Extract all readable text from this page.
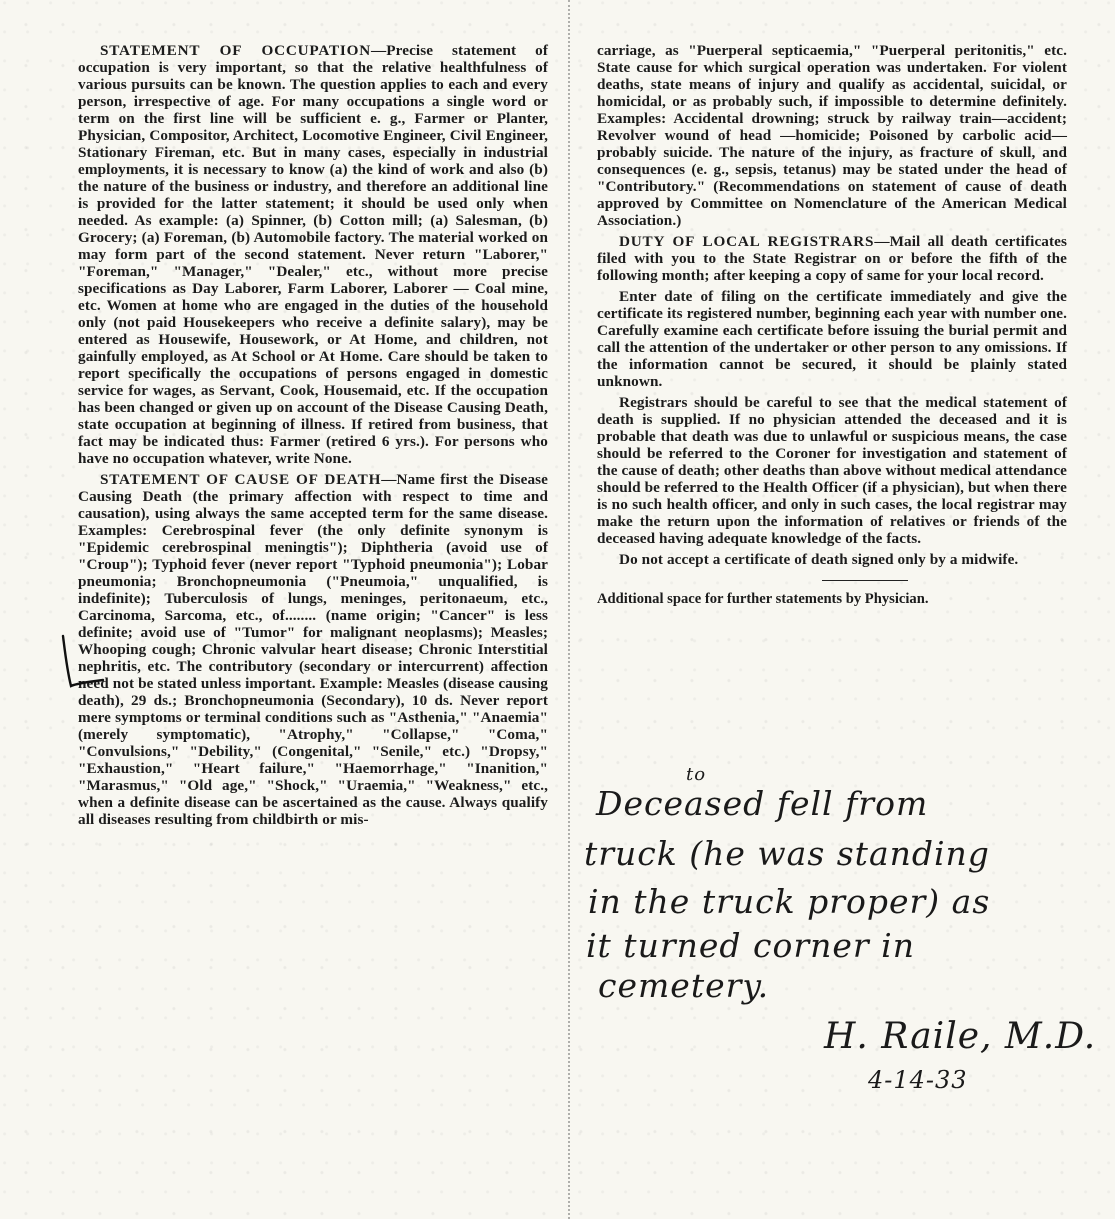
STATEMENT OF OCCUPATION—Precise statement of occupation is very important, so that the relative healthfulness of various pursuits can be known. The question applies to each and every person, irrespective of age. For many occupations a single word or term on the first line will be sufficient e. g., Farmer or Planter, Physician, Compositor, Architect, Locomotive Engineer, Civil Engineer, Stationary Fireman, etc. But in many cases, especially in industrial employments, it is necessary to know (a) the kind of work and also (b) the nature of the business or industry, and therefore an additional line is provided for the latter statement; it should be used only when needed. As example: (a) Spinner, (b) Cotton mill; (a) Salesman, (b) Grocery; (a) Foreman, (b) Automobile factory. The material worked on may form part of the second statement. Never return "Laborer," "Foreman," "Manager," "Dealer," etc., without more precise specifications as Day Laborer, Farm Laborer, Laborer — Coal mine, etc. Women at home who are engaged in the duties of the household only (not paid Housekeepers who receive a definite salary), may be entered as Housewife, Housework, or At Home, and children, not gainfully employed, as At School or At Home. Care should be taken to report specifically the occupations of persons engaged in domestic service for wages, as Servant, Cook, Housemaid, etc. If the occupation has been changed or given up on account of the Disease Causing Death, state occupation at beginning of illness. If retired from business, that fact may be indicated thus: Farmer (retired 6 yrs.). For persons who have no occupation whatever, write None.

STATEMENT OF CAUSE OF DEATH—Name first the Disease Causing Death (the primary affection with respect to time and causation), using always the same accepted term for the same disease. Examples: Cerebrospinal fever (the only definite synonym is "Epidemic cerebrospinal meningtis"); Diphtheria (avoid use of "Croup"); Typhoid fever (never report "Typhoid pneumonia"); Lobar pneumonia; Bronchopneumonia ("Pneumoia," unqualified, is indefinite); Tuberculosis of lungs, meninges, peritonaeum, etc., Carcinoma, Sarcoma, etc., of........ (name origin; "Cancer" is less definite; avoid use of "Tumor" for malignant neoplasms); Measles; Whooping cough; Chronic valvular heart disease; Chronic Interstitial nephritis, etc. The contributory (secondary or intercurrent) affection need not be stated unless important. Example: Measles (disease causing death), 29 ds.; Bronchopneumonia (Secondary), 10 ds. Never report mere symptoms or terminal conditions such as "Asthenia," "Anaemia" (merely symptomatic), "Atrophy," "Collapse," "Coma," "Convulsions," "Debility," (Congenital," "Senile," etc.) "Dropsy," "Exhaustion," "Heart failure," "Haemorrhage," "Inanition," "Marasmus," "Old age," "Shock," "Uraemia," "Weakness," etc., when a definite disease can be ascertained as the cause. Always qualify all diseases resulting from childbirth or mis-

carriage, as "Puerperal septicaemia," "Puerperal peritonitis," etc. State cause for which surgical operation was undertaken. For violent deaths, state means of injury and qualify as accidental, suicidal, or homicidal, or as probably such, if impossible to determine definitely. Examples: Accidental drowning; struck by railway train—accident; Revolver wound of head —homicide; Poisoned by carbolic acid—probably suicide. The nature of the injury, as fracture of skull, and consequences (e. g., sepsis, tetanus) may be stated under the head of "Contributory." (Recommendations on statement of cause of death approved by Committee on Nomenclature of the American Medical Association.)

DUTY OF LOCAL REGISTRARS—Mail all death certificates filed with you to the State Registrar on or before the fifth of the following month; after keeping a copy of same for your local record.

Enter date of filing on the certificate immediately and give the certificate its registered number, beginning each year with number one. Carefully examine each certificate before issuing the burial permit and call the attention of the undertaker or other person to any omissions. If the information cannot be secured, it should be plainly stated unknown.

Registrars should be careful to see that the medical statement of death is supplied. If no physician attended the deceased and it is probable that death was due to unlawful or suspicious means, the case should be referred to the Coroner for investigation and statement of the cause of death; other deaths than above without medical attendance should be referred to the Health Officer (if a physician), but when there is no such health officer, and only in such cases, the local registrar may make the return upon the information of relatives or friends of the deceased having adequate knowledge of the facts.

Do not accept a certificate of death signed only by a midwife.

Additional space for further statements by Physician.

to
Deceased fell from
truck (he was standing
in the truck proper) as
it turned corner in
cemetery.
H. Raile, M.D.
4-14-33
